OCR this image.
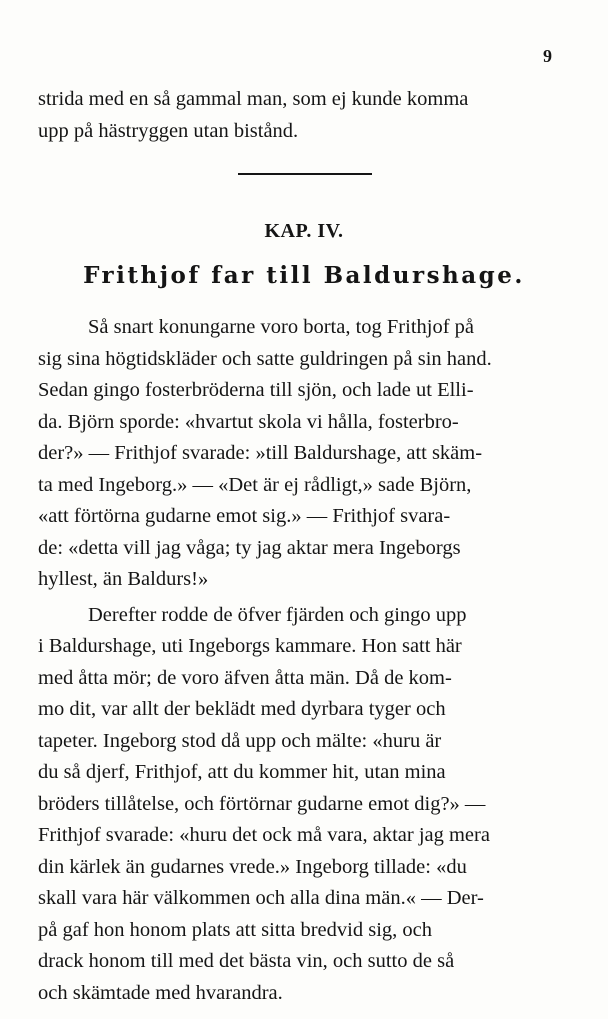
9
strida med en så gammal man, som ej kunde komma
upp på hästryggen utan bistånd.
KAP. IV.
Frithjof far till Baldurshage.
Så snart konungarne voro borta, tog Frithjof på
sig sina högtidskläder och satte guldringen på sin hand.
Sedan gingo fosterbröderna till sjön, och lade ut Elli-
da. Björn sporde: «hvartut skola vi hålla, fosterbro-
der?» — Frithjof svarade: »till Baldurshage, att skäm-
ta med Ingeborg.» — «Det är ej rådligt,» sade Björn,
«att förtörna gudarne emot sig.» — Frithjof svara-
de: «detta vill jag våga; ty jag aktar mera Ingeborgs
hyllest, än Baldurs!»
Derefter rodde de öfver fjärden och gingo upp
i Baldurshage, uti Ingeborgs kammare. Hon satt här
med åtta mör; de voro äfven åtta män. Då de kom-
mo dit, var allt der beklädt med dyrbara tyger och
tapeter. Ingeborg stod då upp och mälte: «huru är
du så djerf, Frithjof, att du kommer hit, utan mina
bröders tillåtelse, och förtörnar gudarne emot dig?» —
Frithjof svarade: «huru det ock må vara, aktar jag mera
din kärlek än gudarnes vrede.» Ingeborg tillade: «du
skall vara här välkommen och alla dina män.« — Der-
på gaf hon honom plats att sitta bredvid sig, och
drack honom till med det bästa vin, och sutto de så
och skämtade med hvarandra.
